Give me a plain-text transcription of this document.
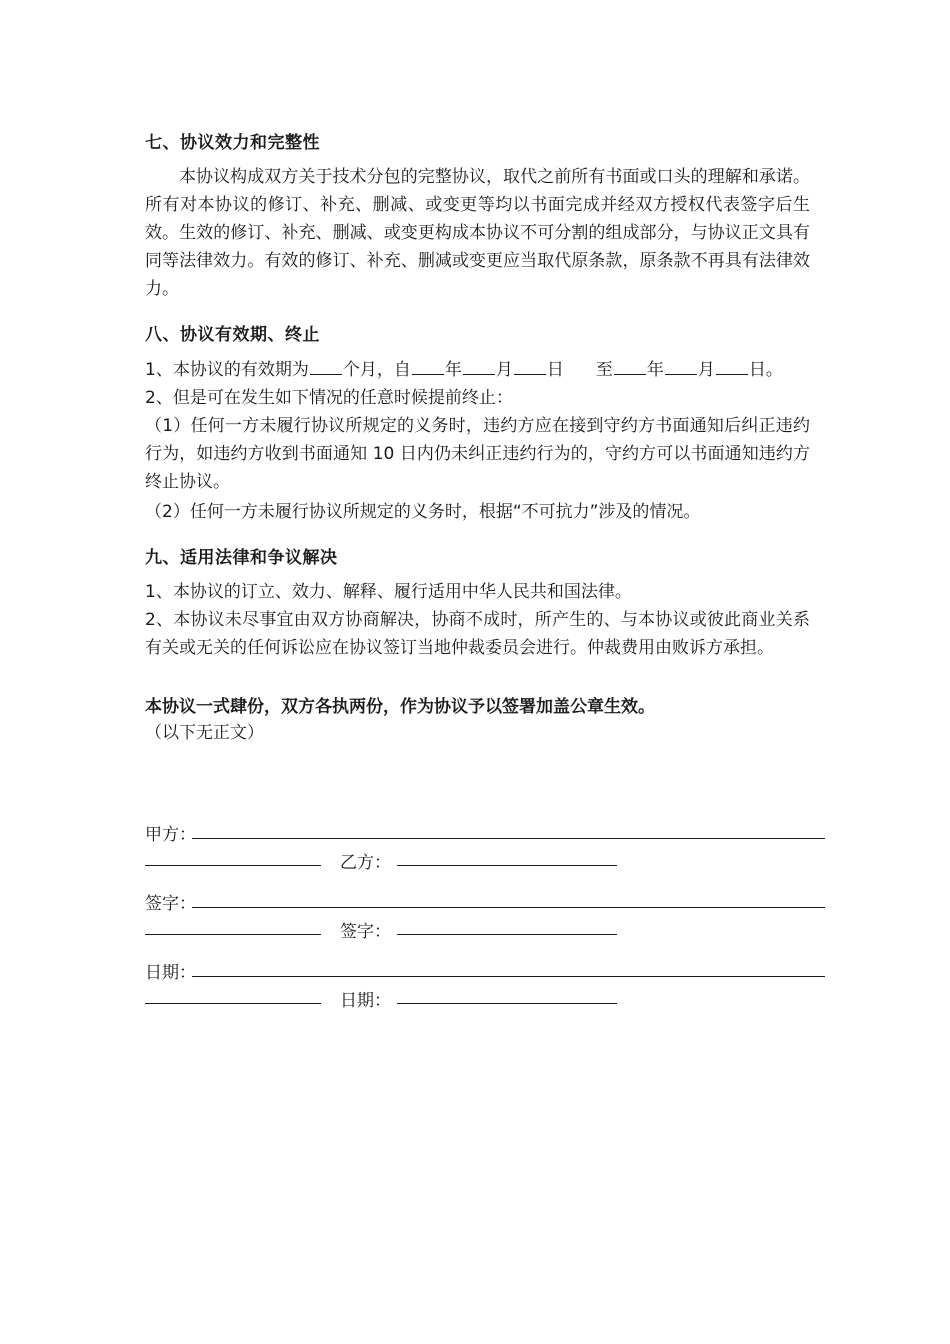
七、协议效力和完整性
本协议构成双方关于技术分包的完整协议，取代之前所有书面或口头的理解和承诺。所有对本协议的修订、补充、删减、或变更等均以书面完成并经双方授权代表签字后生效。生效的修订、补充、删减、或变更构成本协议不可分割的组成部分，与协议正文具有同等法律效力。有效的修订、补充、删减或变更应当取代原条款，原条款不再具有法律效力。
八、协议有效期、终止
1、本协议的有效期为 个月，自 年 月 日 至 年 月 日。
2、但是可在发生如下情况的任意时候提前终止：
（1）任何一方未履行协议所规定的义务时，违约方应在接到守约方书面通知后纠正违约行为，如违约方收到书面通知 10 日内仍未纠正违约行为的，守约方可以书面通知违约方终止协议。
（2）任何一方未履行协议所规定的义务时，根据“不可抗力”涉及的情况。
九、适用法律和争议解决
1、本协议的订立、效力、解释、履行适用中华人民共和国法律。
2、本协议未尽事宜由双方协商解决，协商不成时，所产生的、与本协议或彼此商业关系有关或无关的任何诉讼应在协议签订当地仲裁委员会进行。仲裁费用由败诉方承担。
本协议一式肆份，双方各执两份，作为协议予以签署加盖公章生效。
（以下无正文）
甲方：
乙方：
签字：
签字：
日期：
日期：
